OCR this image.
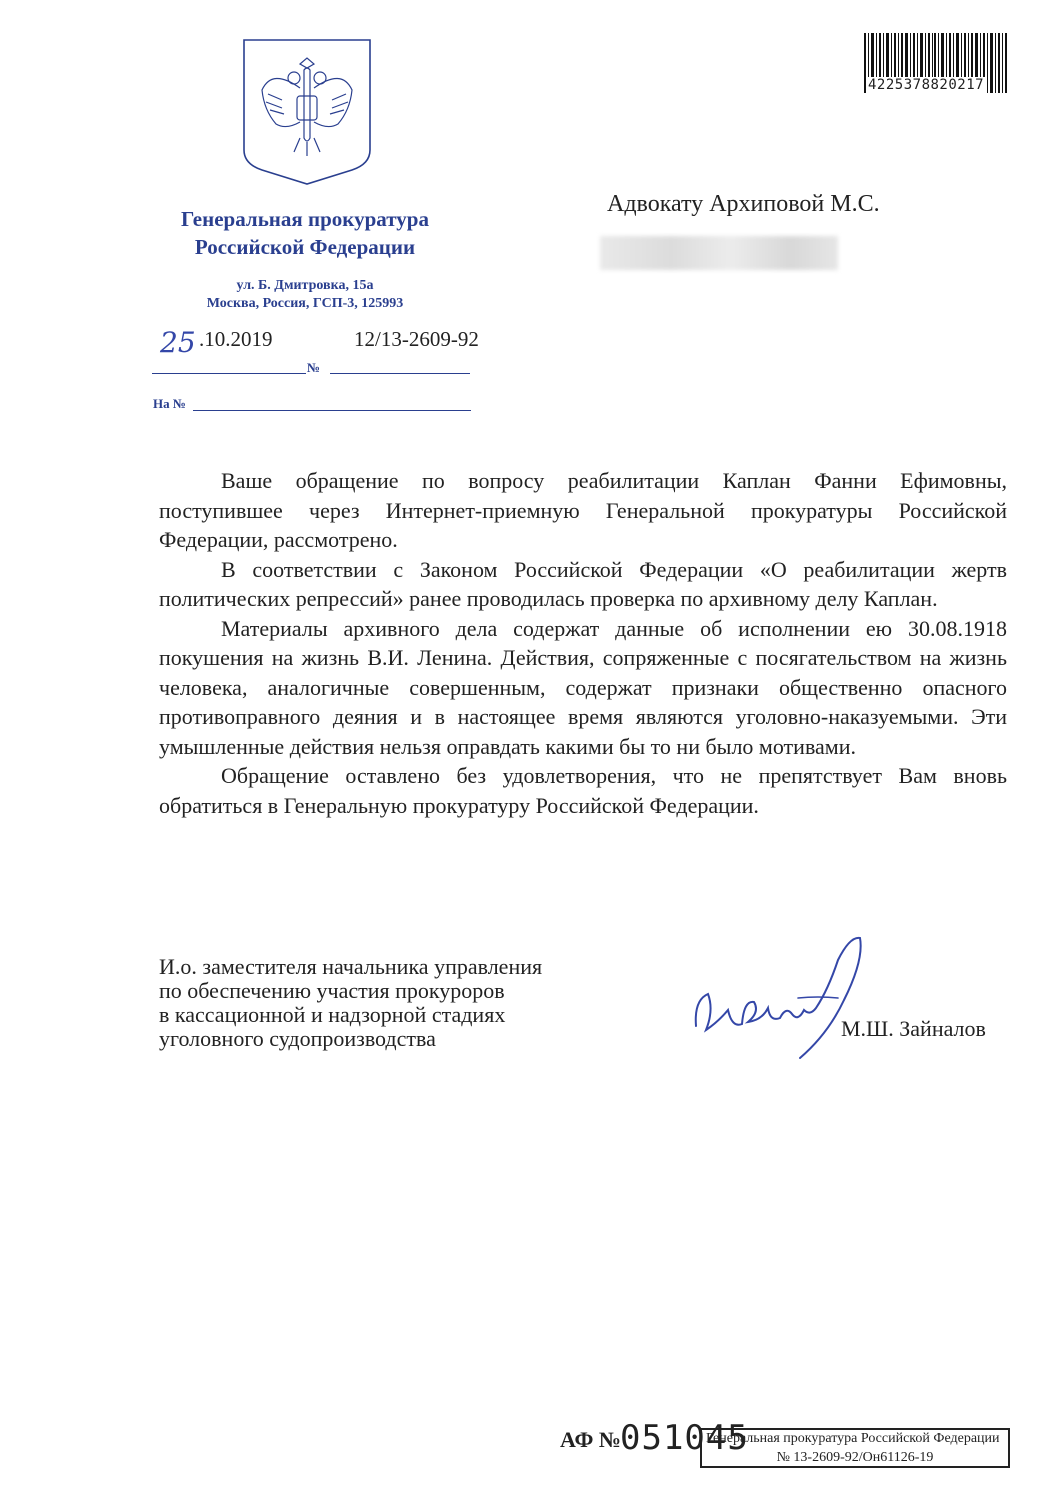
4225378820217
Генеральная прокуратура
Российской Федерации
ул. Б. Дмитровка, 15а
Москва, Россия, ГСП-3, 125993
25 .10.2019	12/13-2609-92
№
На №
Адвокату Архиповой М.С.

Ваше обращение по вопросу реабилитации Каплан Фанни Ефимовны, поступившее через Интернет-приемную Генеральной прокуратуры Российской Федерации, рассмотрено.

В соответствии с Законом Российской Федерации «О реабилитации жертв политических репрессий» ранее проводилась проверка по архивному делу Каплан.

Материалы архивного дела содержат данные об исполнении ею 30.08.1918 покушения на жизнь В.И. Ленина. Действия, сопряженные с посягательством на жизнь человека, аналогичные совершенным, содержат признаки общественно опасного противоправного деяния и в настоящее время являются уголовно-наказуемыми. Эти умышленные действия нельзя оправдать какими бы то ни было мотивами.

Обращение оставлено без удовлетворения, что не препятствует Вам вновь обратиться в Генеральную прокуратуру Российской Федерации.

И.о. заместителя начальника управления
по обеспечению участия прокуроров
в кассационной и надзорной стадиях
уголовного судопроизводства	М.Ш. Зайналов
АФ №
051045
Генеральная прокуратура Российской Федерации
№ 13-2609-92/Он61126-19
